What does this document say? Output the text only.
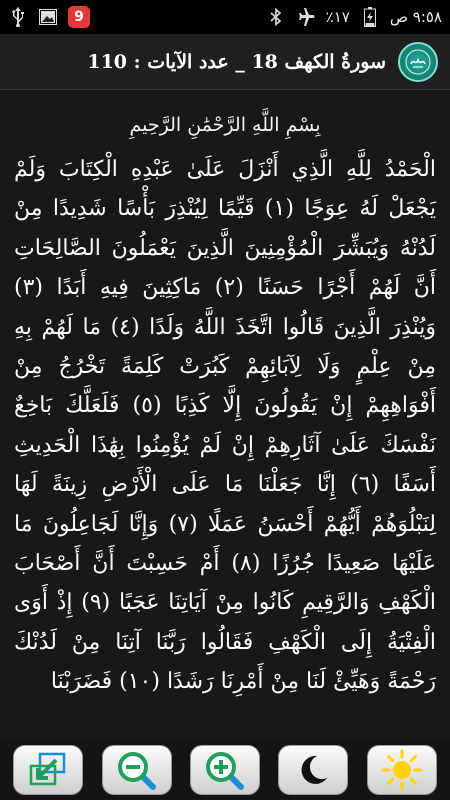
9	١٧٪	٩:٥٨ ص
سورةُ الكهف 18 _ عدد الآيات : 110
بِسْمِ اللَّهِ الرَّحْمَٰنِ الرَّحِيمِ
الْحَمْدُ لِلَّهِ الَّذِي أَنْزَلَ عَلَىٰ عَبْدِهِ الْكِتَابَ وَلَمْ يَجْعَلْ لَهُ عِوَجًا (١) قَيِّمًا لِيُنْذِرَ بَأْسًا شَدِيدًا مِنْ لَدُنْهُ وَيُبَشِّرَ الْمُؤْمِنِينَ الَّذِينَ يَعْمَلُونَ الصَّالِحَاتِ أَنَّ لَهُمْ أَجْرًا حَسَنًا (٢) مَاكِثِينَ فِيهِ أَبَدًا (٣) وَيُنْذِرَ الَّذِينَ قَالُوا اتَّخَذَ اللَّهُ وَلَدًا (٤) مَا لَهُمْ بِهِ مِنْ عِلْمٍ وَلَا لِآبَائِهِمْ كَبُرَتْ كَلِمَةً تَخْرُجُ مِنْ أَفْوَاهِهِمْ إِنْ يَقُولُونَ إِلَّا كَذِبًا (٥) فَلَعَلَّكَ بَاخِعٌ نَفْسَكَ عَلَىٰ آثَارِهِمْ إِنْ لَمْ يُؤْمِنُوا بِهَٰذَا الْحَدِيثِ أَسَفًا (٦) إِنَّا جَعَلْنَا مَا عَلَى الْأَرْضِ زِينَةً لَهَا لِنَبْلُوَهُمْ أَيُّهُمْ أَحْسَنُ عَمَلًا (٧) وَإِنَّا لَجَاعِلُونَ مَا عَلَيْهَا صَعِيدًا جُرُزًا (٨) أَمْ حَسِبْتَ أَنَّ أَصْحَابَ الْكَهْفِ وَالرَّقِيمِ كَانُوا مِنْ آيَاتِنَا عَجَبًا (٩) إِذْ أَوَى الْفِتْيَةُ إِلَى الْكَهْفِ فَقَالُوا رَبَّنَا آتِنَا مِنْ لَدُنْكَ رَحْمَةً وَهَيِّئْ لَنَا مِنْ أَمْرِنَا رَشَدًا (١٠) فَضَرَبْنَا
